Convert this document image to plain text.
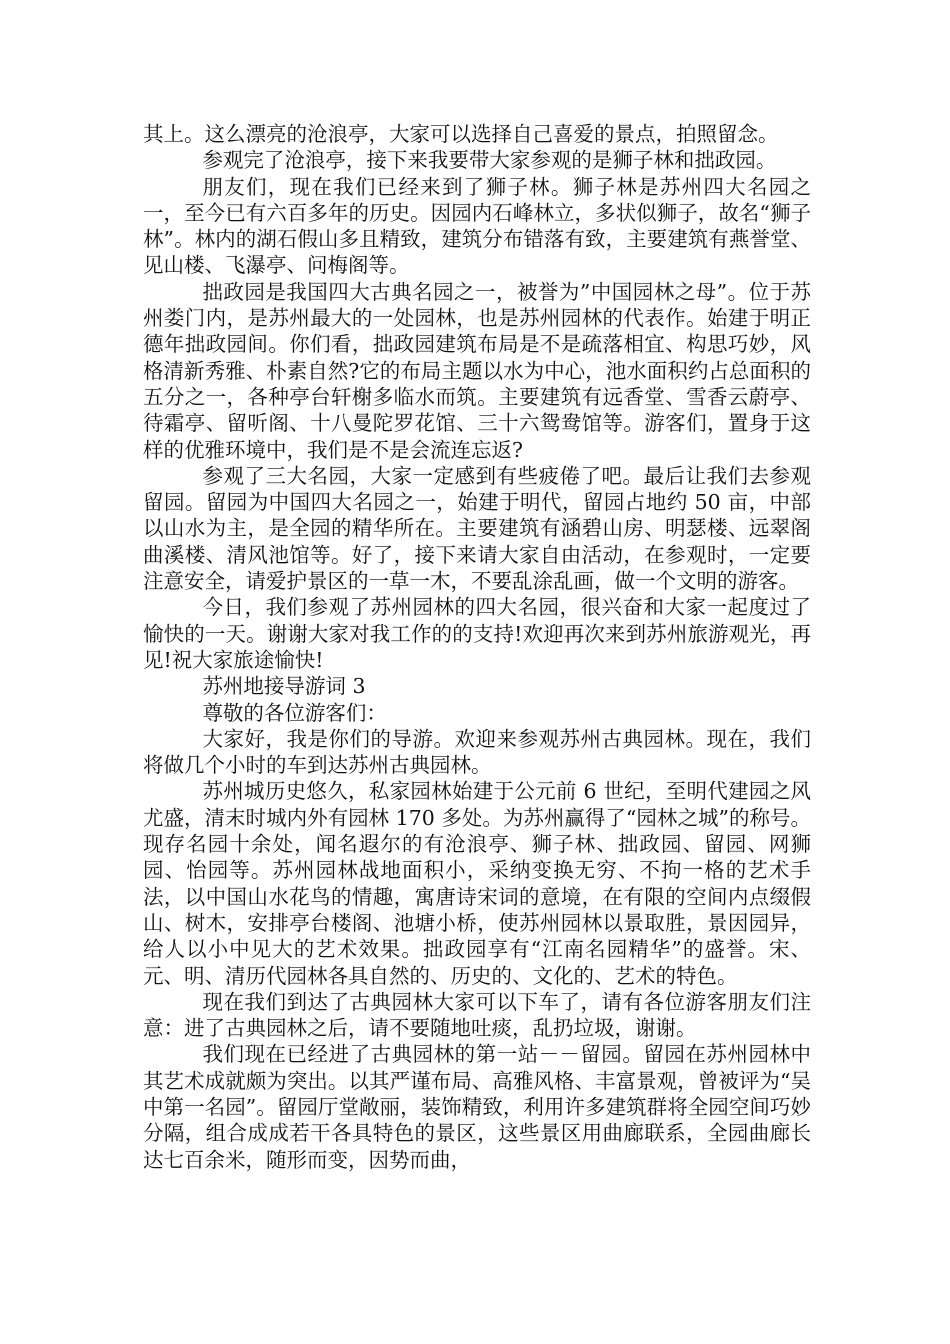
其上。这么漂亮的沧浪亭，大家可以选择自己喜爱的景点，拍照留念。

参观完了沧浪亭，接下来我要带大家参观的是狮子林和拙政园。

朋友们，现在我们已经来到了狮子林。狮子林是苏州四大名园之一，至今已有六百多年的历史。因园内石峰林立，多状似狮子，故名“狮子林”。林内的湖石假山多且精致，建筑分布错落有致，主要建筑有燕誉堂、见山楼、飞瀑亭、问梅阁等。

拙政园是我国四大古典名园之一，被誉为”中国园林之母”。位于苏州娄门内，是苏州最大的一处园林，也是苏州园林的代表作。始建于明正德年拙政园间。你们看，拙政园建筑布局是不是疏落相宜、构思巧妙，风格清新秀雅、朴素自然?它的布局主题以水为中心，池水面积约占总面积的五分之一，各种亭台轩榭多临水而筑。主要建筑有远香堂、雪香云蔚亭、待霜亭、留听阁、十八曼陀罗花馆、三十六鸳鸯馆等。游客们，置身于这样的优雅环境中，我们是不是会流连忘返?

参观了三大名园，大家一定感到有些疲倦了吧。最后让我们去参观留园。留园为中国四大名园之一，始建于明代，留园占地约 50 亩，中部以山水为主，是全园的精华所在。主要建筑有涵碧山房、明瑟楼、远翠阁曲溪楼、清风池馆等。好了，接下来请大家自由活动，在参观时，一定要注意安全，请爱护景区的一草一木，不要乱涂乱画，做一个文明的游客。

今日，我们参观了苏州园林的四大名园，很兴奋和大家一起度过了愉快的一天。谢谢大家对我工作的的支持!欢迎再次来到苏州旅游观光，再见!祝大家旅途愉快!

苏州地接导游词 3

尊敬的各位游客们：

大家好，我是你们的导游。欢迎来参观苏州古典园林。现在，我们将做几个小时的车到达苏州古典园林。

苏州城历史悠久，私家园林始建于公元前 6 世纪，至明代建园之风尤盛，清末时城内外有园林 170 多处。为苏州赢得了“园林之城”的称号。现存名园十余处，闻名遐尔的有沧浪亭、狮子林、拙政园、留园、网狮园、怡园等。苏州园林战地面积小，采纳变换无穷、不拘一格的艺术手法，以中国山水花鸟的情趣，寓唐诗宋词的意境，在有限的空间内点缀假山、树木，安排亭台楼阁、池塘小桥，使苏州园林以景取胜，景因园异，给人以小中见大的艺术效果。拙政园享有“江南名园精华”的盛誉。宋、元、明、清历代园林各具自然的、历史的、文化的、艺术的特色。

现在我们到达了古典园林大家可以下车了，请有各位游客朋友们注意：进了古典园林之后，请不要随地吐痰，乱扔垃圾，谢谢。

我们现在已经进了古典园林的第一站－－留园。留园在苏州园林中其艺术成就颇为突出。以其严谨布局、高雅风格、丰富景观，曾被评为“吴中第一名园”。留园厅堂敞丽，装饰精致，利用许多建筑群将全园空间巧妙分隔，组合成成若干各具特色的景区，这些景区用曲廊联系，全园曲廊长达七百余米，随形而变，因势而曲，
